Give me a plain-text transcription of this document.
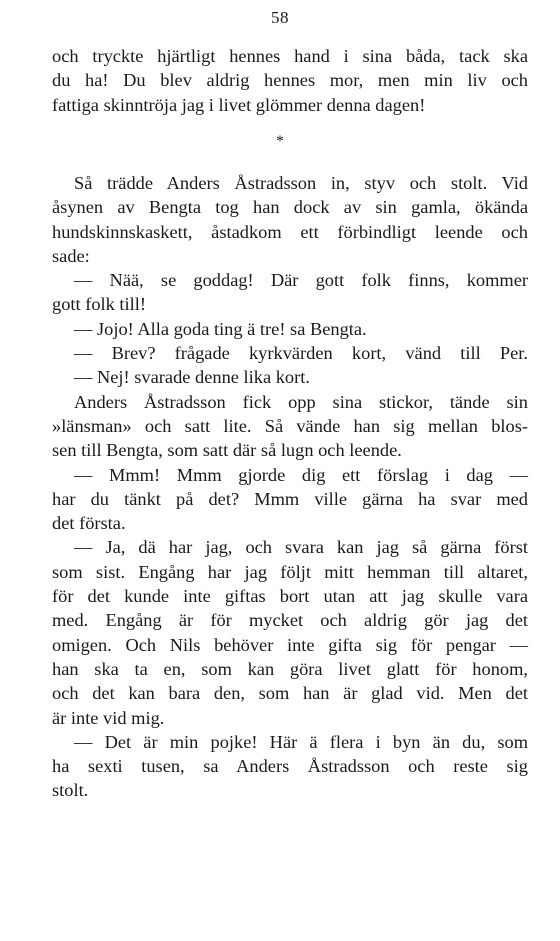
58
och tryckte hjärtligt hennes hand i sina båda, tack ska
du ha! Du blev aldrig hennes mor, men min liv och
fattiga skinntröja jag i livet glömmer denna dagen!
*
Så trädde Anders Åstradsson in, styv och stolt. Vid
åsynen av Bengta tog han dock av sin gamla, ökända
hundskinnskaskett, åstadkom ett förbindligt leende och
sade:
— Nää, se goddag! Där gott folk finns, kommer
gott folk till!
— Jojo! Alla goda ting ä tre! sa Bengta.
— Brev? frågade kyrkvärden kort, vänd till Per.
— Nej! svarade denne lika kort.
Anders Åstradsson fick opp sina stickor, tände sin
»länsman» och satt lite. Så vände han sig mellan blos-
sen till Bengta, som satt där så lugn och leende.
— Mmm! Mmm gjorde dig ett förslag i dag —
har du tänkt på det? Mmm ville gärna ha svar med
det första.
— Ja, dä har jag, och svara kan jag så gärna först
som sist. Engång har jag följt mitt hemman till altaret,
för det kunde inte giftas bort utan att jag skulle vara
med. Engång är för mycket och aldrig gör jag det
omigen. Och Nils behöver inte gifta sig för pengar —
han ska ta en, som kan göra livet glatt för honom,
och det kan bara den, som han är glad vid. Men det
är inte vid mig.
— Det är min pojke! Här ä flera i byn än du, som
ha sexti tusen, sa Anders Åstradsson och reste sig
stolt.
